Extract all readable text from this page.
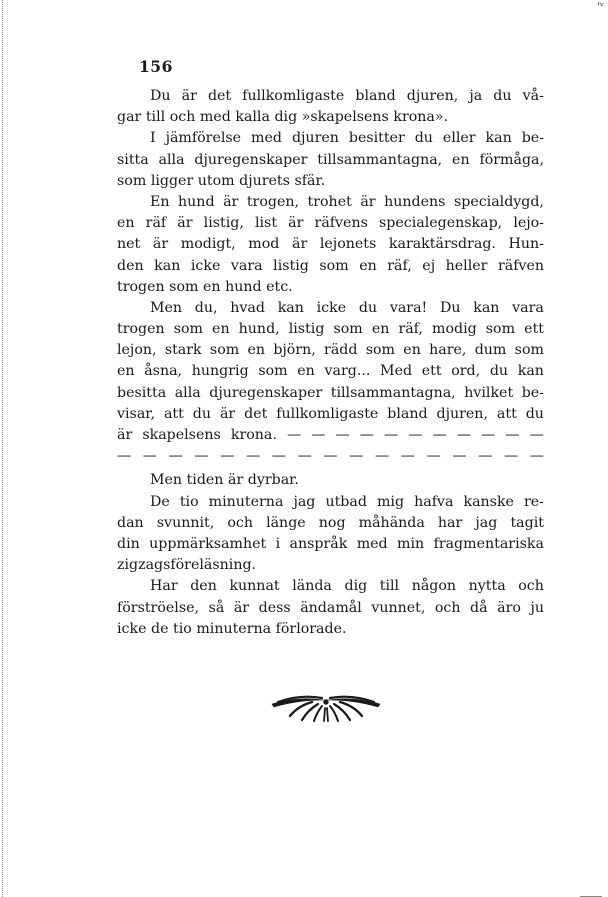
'ᵛ

156

Du är det fullkomligaste bland djuren, ja du vå-
gar till och med kalla dig »skapelsens krona».
I jämförelse med djuren besitter du eller kan be-
sitta alla djuregenskaper tillsammantagna, en förmåga,
som ligger utom djurets sfär.
En hund är trogen, trohet är hundens specialdygd,
en räf är listig, list är räfvens specialegenskap, lejo-
net är modigt, mod är lejonets karaktärsdrag. Hun-
den kan icke vara listig som en räf, ej heller räfven
trogen som en hund etc.
Men du, hvad kan icke du vara! Du kan vara
trogen som en hund, listig som en räf, modig som ett
lejon, stark som en björn, rädd som en hare, dum som
en åsna, hungrig som en varg... Med ett ord, du kan
besitta alla djuregenskaper tillsammantagna, hvilket be-
visar, att du är det fullkomligaste bland djuren, att du
är skapelsens krona. — — — — — — — — — — —
— — — — — — — — — — — — — — — — —
Men tiden är dyrbar.
De tio minuterna jag utbad mig hafva kanske re-
dan svunnit, och länge nog måhända har jag tagit
din uppmärksamhet i anspråk med min fragmentariska
zigzagsföreläsning.
Har den kunnat lända dig till någon nytta och
förströelse, så är dess ändamål vunnet, och då äro ju
icke de tio minuterna förlorade.
